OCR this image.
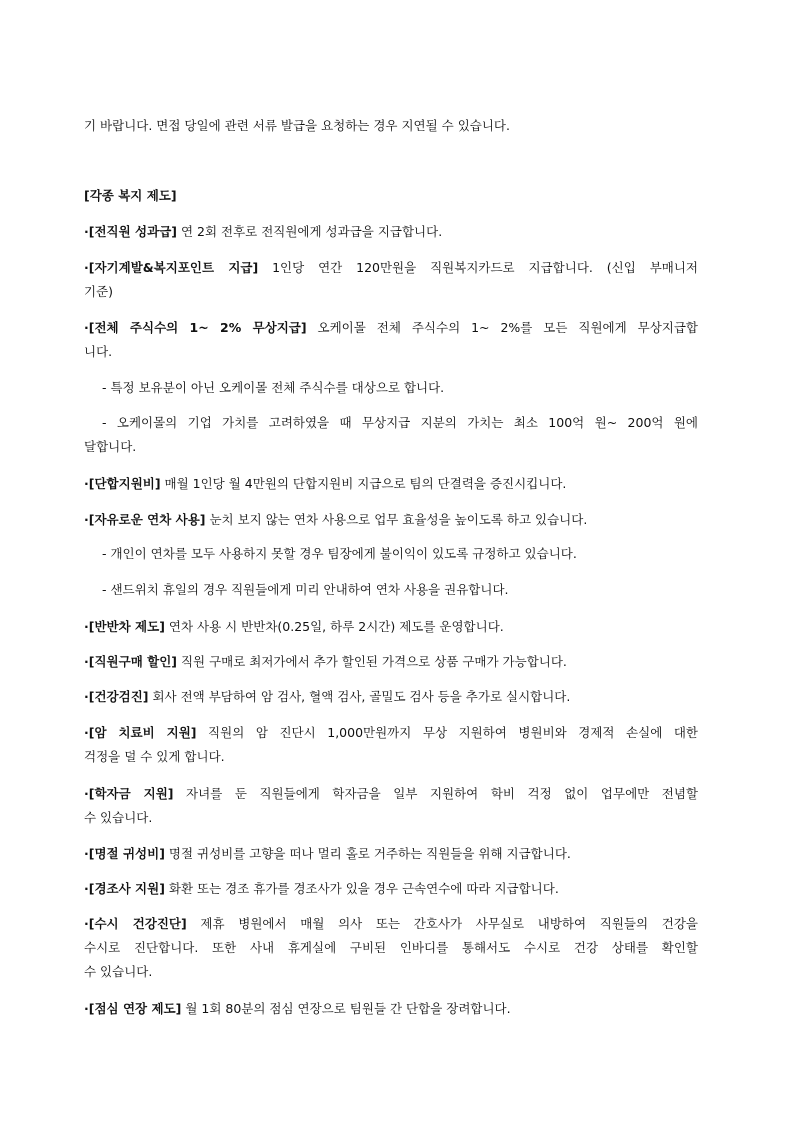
기 바랍니다. 면접 당일에 관련 서류 발급을 요청하는 경우 지연될 수 있습니다.
[각종 복지 제도]
·[전직원 성과급] 연 2회 전후로 전직원에게 성과급을 지급합니다.
·[자기계발&복지포인트 지급] 1인당 연간 120만원을 직원복지카드로 지급합니다. (신입 부매니저
기준)
·[전체 주식수의 1~ 2% 무상지급] 오케이몰 전체 주식수의 1~ 2%를 모든 직원에게 무상지급합
니다.
- 특정 보유분이 아닌 오케이몰 전체 주식수를 대상으로 합니다.
- 오케이몰의 기업 가치를 고려하였을 때 무상지급 지분의 가치는 최소 100억 원~ 200억 원에
달합니다.
·[단합지원비] 매월 1인당 월 4만원의 단합지원비 지급으로 팀의 단결력을 증진시킵니다.
·[자유로운 연차 사용] 눈치 보지 않는 연차 사용으로 업무 효율성을 높이도록 하고 있습니다.
- 개인이 연차를 모두 사용하지 못할 경우 팀장에게 불이익이 있도록 규정하고 있습니다.
- 샌드위치 휴일의 경우 직원들에게 미리 안내하여 연차 사용을 권유합니다.
·[반반차 제도] 연차 사용 시 반반차(0.25일, 하루 2시간) 제도를 운영합니다.
·[직원구매 할인] 직원 구매로 최저가에서 추가 할인된 가격으로 상품 구매가 가능합니다.
·[건강검진] 회사 전액 부담하여 암 검사, 혈액 검사, 골밀도 검사 등을 추가로 실시합니다.
·[암 치료비 지원] 직원의 암 진단시 1,000만원까지 무상 지원하여 병원비와 경제적 손실에 대한
걱정을 덜 수 있게 합니다.
·[학자금 지원] 자녀를 둔 직원들에게 학자금을 일부 지원하여 학비 걱정 없이 업무에만 전념할
수 있습니다.
·[명절 귀성비] 명절 귀성비를 고향을 떠나 멀리 홀로 거주하는 직원들을 위해 지급합니다.
·[경조사 지원] 화환 또는 경조 휴가를 경조사가 있을 경우 근속연수에 따라 지급합니다.
·[수시 건강진단] 제휴 병원에서 매월 의사 또는 간호사가 사무실로 내방하여 직원들의 건강을
수시로 진단합니다. 또한 사내 휴게실에 구비된 인바디를 통해서도 수시로 건강 상태를 확인할
수 있습니다.
·[점심 연장 제도] 월 1회 80분의 점심 연장으로 팀원들 간 단합을 장려합니다.
